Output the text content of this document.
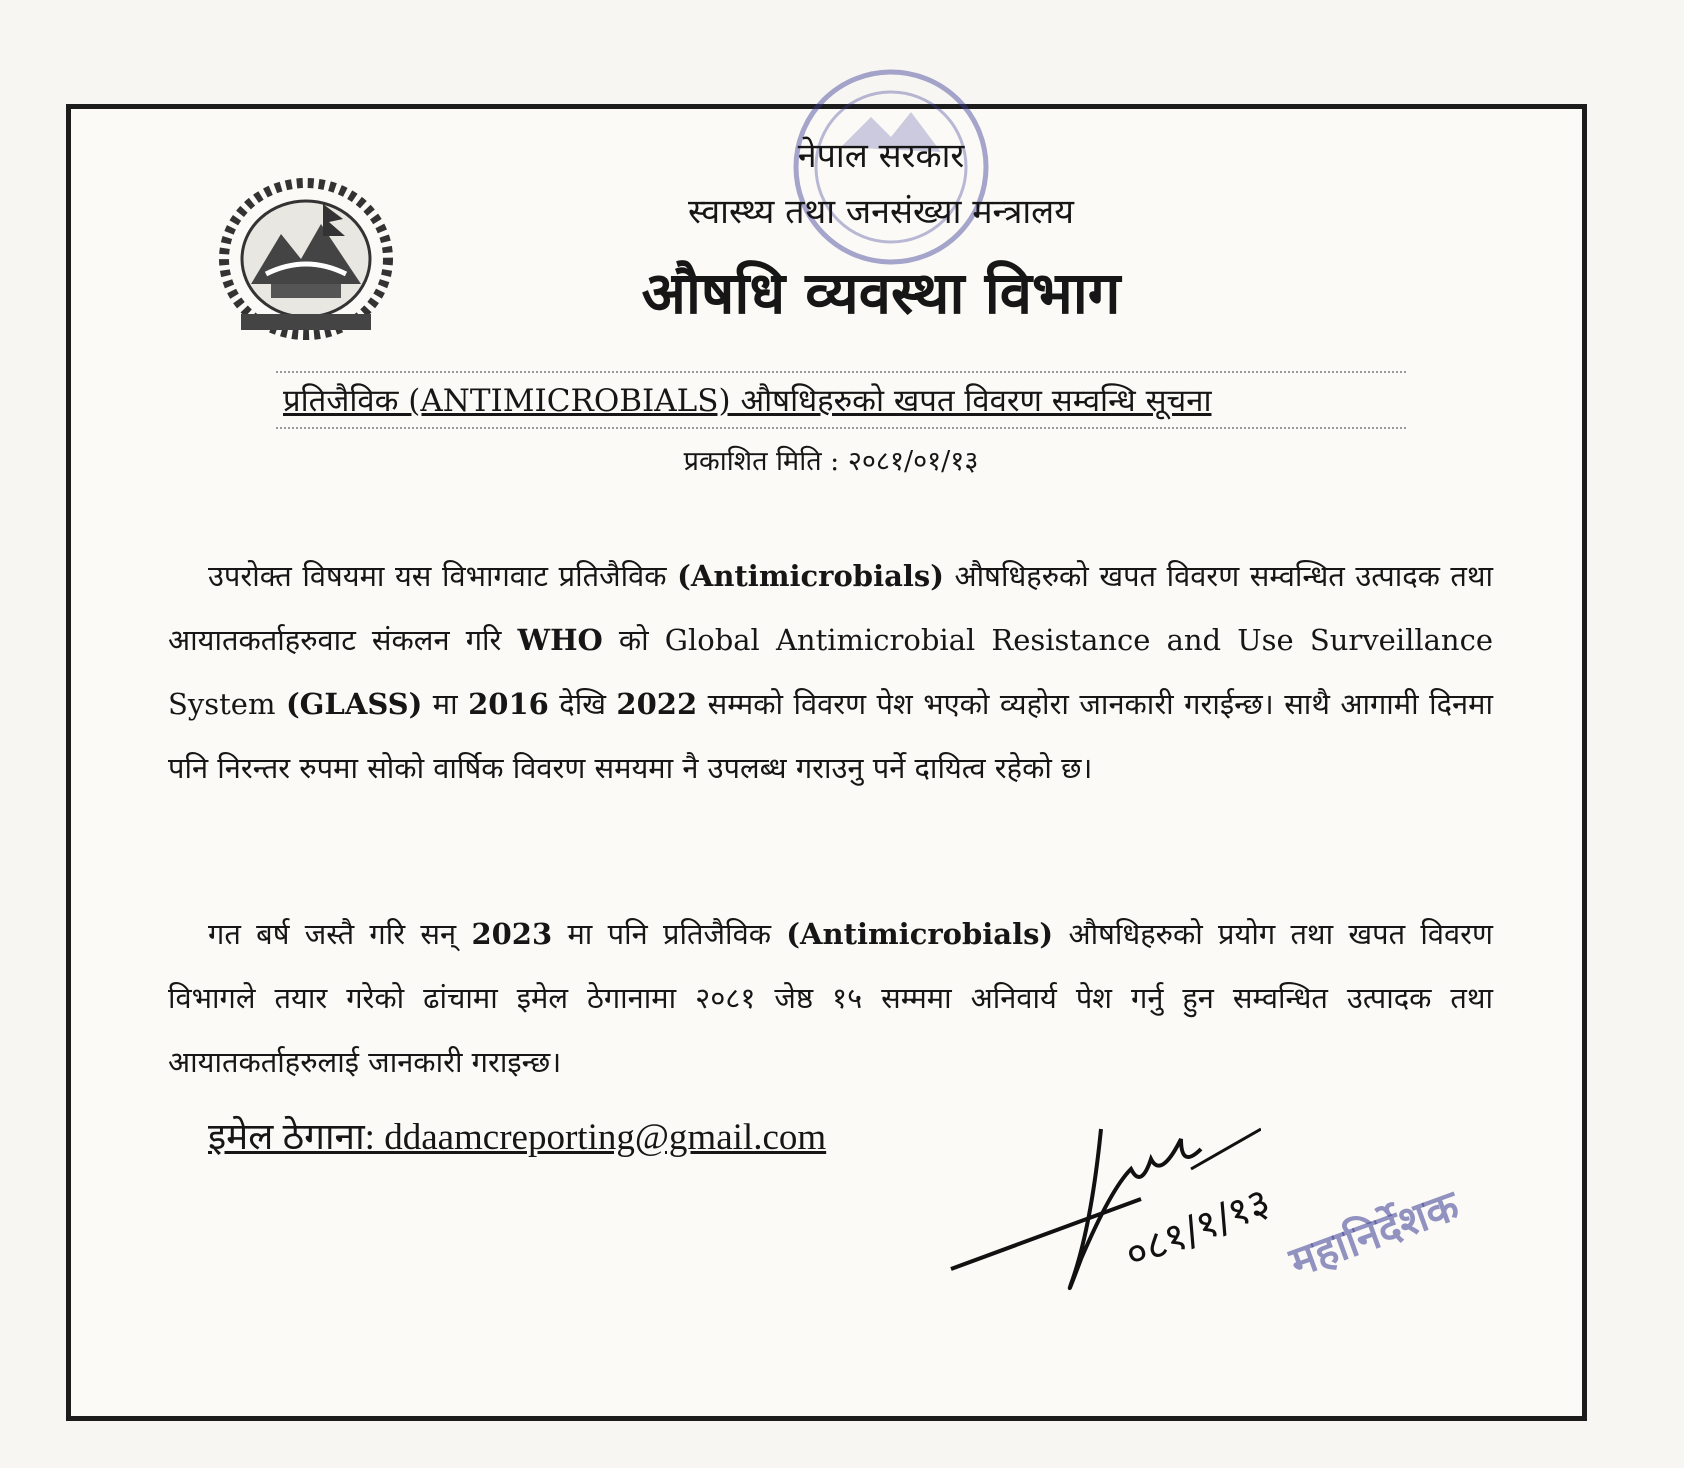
नेपाल सरकार
स्वास्थ्य तथा जनसंख्या मन्त्रालय
औषधि व्यवस्था विभाग
प्रतिजैविक (ANTIMICROBIALS) औषधिहरुको खपत विवरण सम्वन्धि सूचना
प्रकाशित मिति : २०८१/०१/१३

उपरोक्त विषयमा यस विभागवाट प्रतिजैविक (Antimicrobials) औषधिहरुको खपत विवरण सम्वन्धित उत्पादक तथा आयातकर्ताहरुवाट संकलन गरि WHO को Global Antimicrobial Resistance and Use Surveillance System (GLASS) मा 2016 देखि 2022 सम्मको विवरण पेश भएको व्यहोरा जानकारी गराईन्छ। साथै आगामी दिनमा पनि निरन्तर रुपमा सोको वार्षिक विवरण समयमा नै उपलब्ध गराउनु पर्ने दायित्व रहेको छ।

गत बर्ष जस्तै गरि सन् 2023 मा पनि प्रतिजैविक (Antimicrobials) औषधिहरुको प्रयोग तथा खपत विवरण विभागले तयार गरेको ढांचामा इमेल ठेगानामा २०८१ जेष्ठ १५ सम्ममा अनिवार्य पेश गर्नु हुन सम्वन्धित उत्पादक तथा आयातकर्ताहरुलाई जानकारी गराइन्छ।

इमेल ठेगाना: ddaamcreporting@gmail.com
०८१/१/१३ महानिर्देशक
